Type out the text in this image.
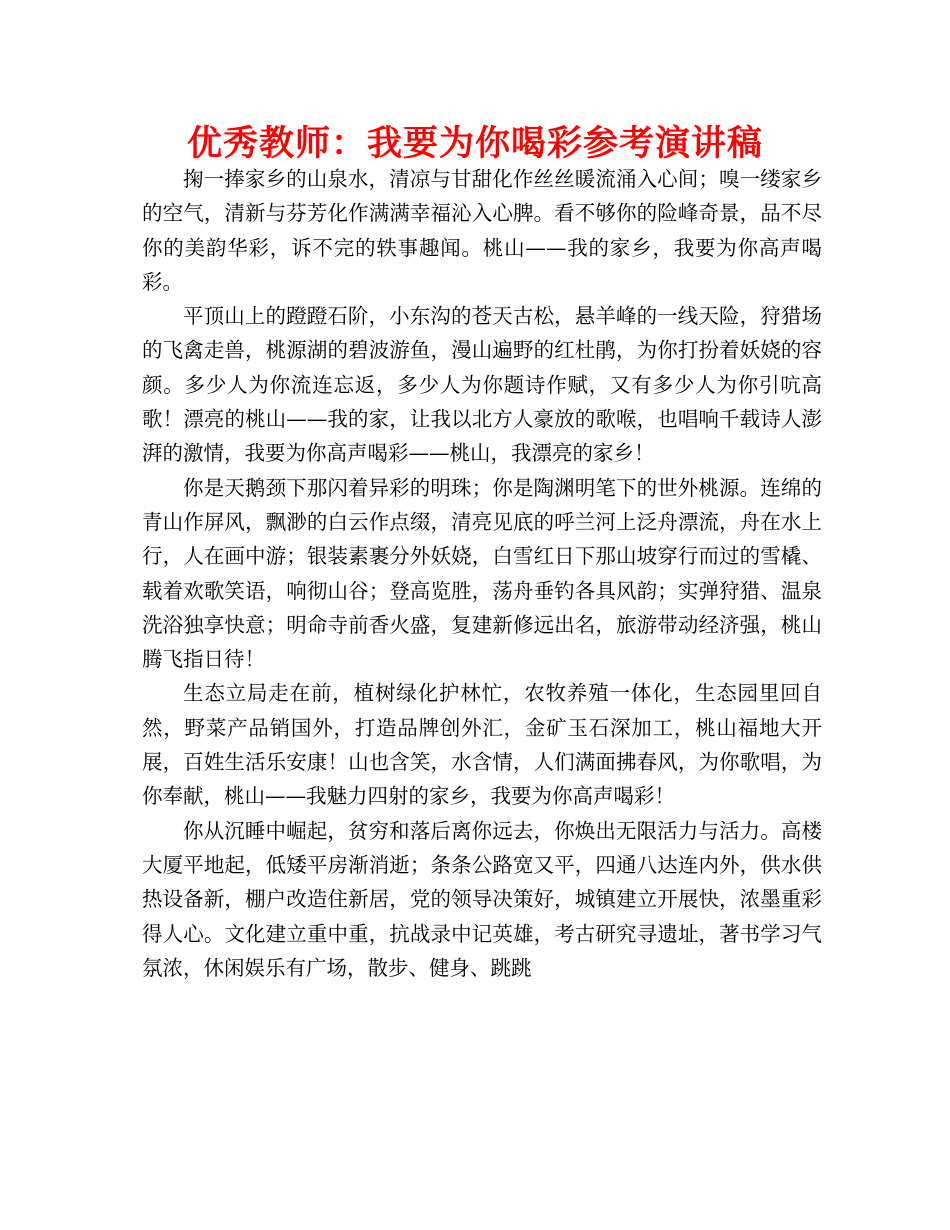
优秀教师：我要为你喝彩参考演讲稿

掬一捧家乡的山泉水，清凉与甘甜化作丝丝暖流涌入心间；嗅一缕家乡的空气，清新与芬芳化作满满幸福沁入心脾。看不够你的险峰奇景，品不尽你的美韵华彩，诉不完的轶事趣闻。桃山——我的家乡，我要为你高声喝彩。

平顶山上的蹬蹬石阶，小东沟的苍天古松，悬羊峰的一线天险，狩猎场的飞禽走兽，桃源湖的碧波游鱼，漫山遍野的红杜鹃，为你打扮着妖娆的容颜。多少人为你流连忘返，多少人为你题诗作赋，又有多少人为你引吭高歌！漂亮的桃山——我的家，让我以北方人豪放的歌喉，也唱响千载诗人澎湃的激情，我要为你高声喝彩——桃山，我漂亮的家乡！

你是天鹅颈下那闪着异彩的明珠；你是陶渊明笔下的世外桃源。连绵的青山作屏风，飘渺的白云作点缀，清亮见底的呼兰河上泛舟漂流，舟在水上行，人在画中游；银装素裹分外妖娆，白雪红日下那山坡穿行而过的雪橇、载着欢歌笑语，响彻山谷；登高览胜，荡舟垂钓各具风韵；实弹狩猎、温泉洗浴独享快意；明命寺前香火盛，复建新修远出名，旅游带动经济强，桃山腾飞指日待！

生态立局走在前，植树绿化护林忙，农牧养殖一体化，生态园里回自然，野菜产品销国外，打造品牌创外汇，金矿玉石深加工，桃山福地大开展，百姓生活乐安康！山也含笑，水含情，人们满面拂春风，为你歌唱，为你奉献，桃山——我魅力四射的家乡，我要为你高声喝彩！

你从沉睡中崛起，贫穷和落后离你远去，你焕出无限活力与活力。高楼大厦平地起，低矮平房渐消逝；条条公路宽又平，四通八达连内外，供水供热设备新，棚户改造住新居，党的领导决策好，城镇建立开展快，浓墨重彩得人心。文化建立重中重，抗战录中记英雄，考古研究寻遗址，著书学习气氛浓，休闲娱乐有广场，散步、健身、跳跳
